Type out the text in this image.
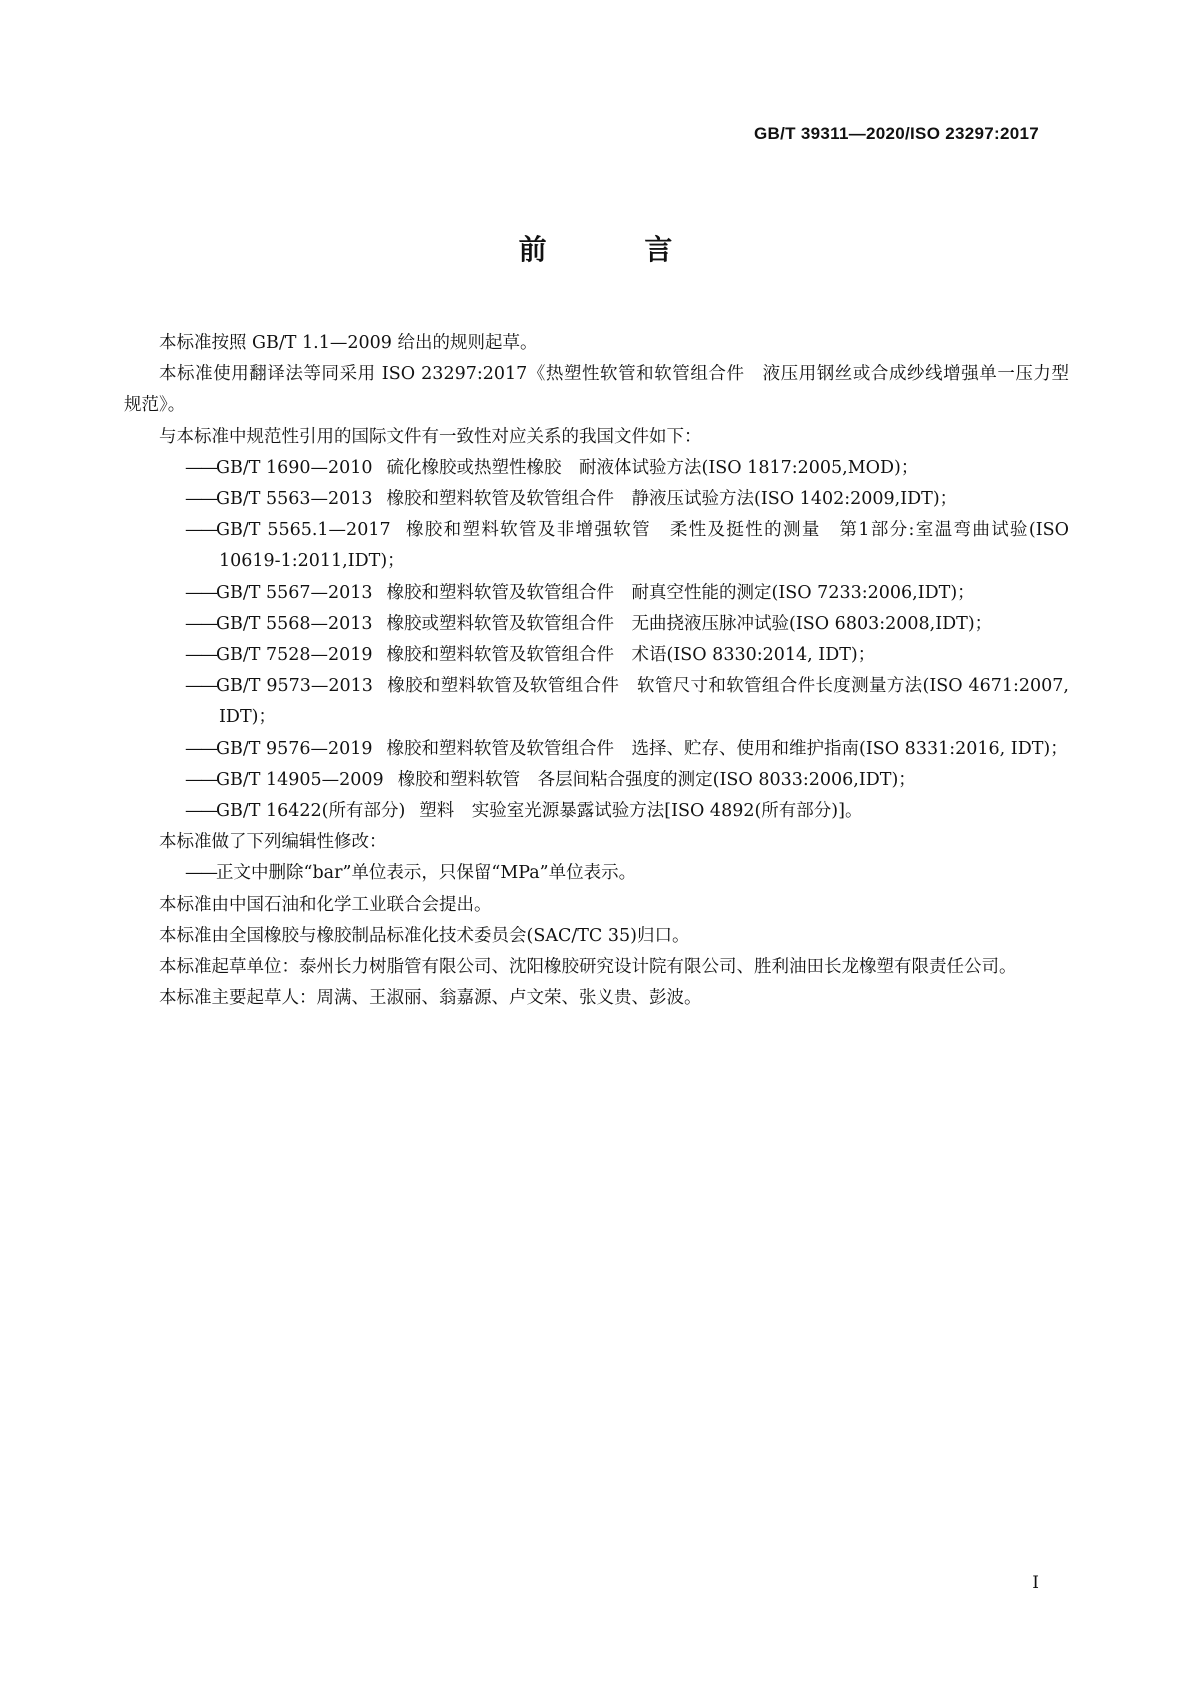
GB/T 39311—2020/ISO 23297:2017
前 言
本标准按照 GB/T 1.1—2009 给出的规则起草。
本标准使用翻译法等同采用 ISO 23297:2017《热塑性软管和软管组合件　液压用钢丝或合成纱线增强单一压力型　规范》。
与本标准中规范性引用的国际文件有一致性对应关系的我国文件如下：
——GB/T 1690—2010 硫化橡胶或热塑性橡胶　耐液体试验方法(ISO 1817:2005,MOD)；
——GB/T 5563—2013 橡胶和塑料软管及软管组合件　静液压试验方法(ISO 1402:2009,IDT)；
——GB/T 5565.1—2017 橡胶和塑料软管及非增强软管　柔性及挺性的测量　第1部分:室温弯曲试验(ISO 10619-1:2011,IDT)；
——GB/T 5567—2013 橡胶和塑料软管及软管组合件　耐真空性能的测定(ISO 7233:2006,IDT)；
——GB/T 5568—2013 橡胶或塑料软管及软管组合件　无曲挠液压脉冲试验(ISO 6803:2008,IDT)；
——GB/T 7528—2019 橡胶和塑料软管及软管组合件　术语(ISO 8330:2014, IDT)；
——GB/T 9573—2013 橡胶和塑料软管及软管组合件　软管尺寸和软管组合件长度测量方法(ISO 4671:2007, IDT)；
——GB/T 9576—2019 橡胶和塑料软管及软管组合件　选择、贮存、使用和维护指南(ISO 8331:2016, IDT)；
——GB/T 14905—2009 橡胶和塑料软管　各层间粘合强度的测定(ISO 8033:2006,IDT)；
——GB/T 16422(所有部分) 塑料　实验室光源暴露试验方法[ISO 4892(所有部分)]。
本标准做了下列编辑性修改：
——正文中删除“bar”单位表示，只保留“MPa”单位表示。
本标准由中国石油和化学工业联合会提出。
本标准由全国橡胶与橡胶制品标准化技术委员会(SAC/TC 35)归口。
本标准起草单位：泰州长力树脂管有限公司、沈阳橡胶研究设计院有限公司、胜利油田长龙橡塑有限责任公司。
本标准主要起草人：周满、王淑丽、翁嘉源、卢文荣、张义贵、彭波。
I
